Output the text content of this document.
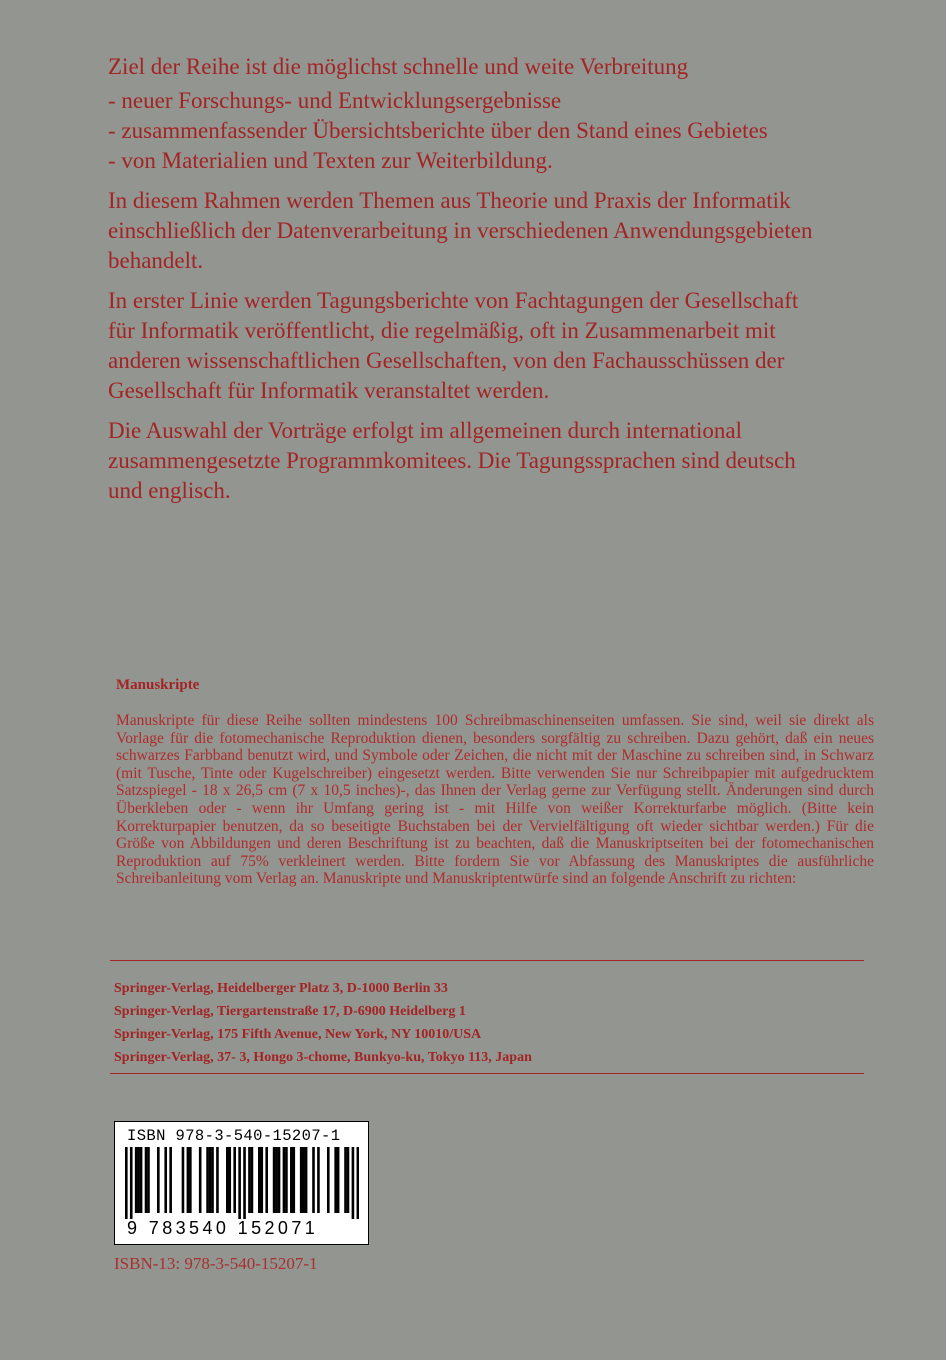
Ziel der Reihe ist die möglichst schnelle und weite Verbreitung

- neuer Forschungs- und Entwicklungsergebnisse
- zusammenfassender Übersichtsberichte über den Stand eines Gebietes
- von Materialien und Texten zur Weiterbildung.

In diesem Rahmen werden Themen aus Theorie und Praxis der Informatik einschließlich der Datenverarbeitung in verschiedenen Anwendungsgebieten behandelt.

In erster Linie werden Tagungsberichte von Fachtagungen der Gesellschaft für Informatik veröffentlicht, die regelmäßig, oft in Zusammenarbeit mit anderen wissenschaftlichen Gesellschaften, von den Fachausschüssen der Gesellschaft für Informatik veranstaltet werden.

Die Auswahl der Vorträge erfolgt im allgemeinen durch international zusammengesetzte Programmkomitees. Die Tagungssprachen sind deutsch und englisch.

Manuskripte

Manuskripte für diese Reihe sollten mindestens 100 Schreibmaschinenseiten umfassen. Sie sind, weil sie direkt als Vorlage für die fotomechanische Reproduktion dienen, besonders sorgfältig zu schreiben. Dazu gehört, daß ein neues schwarzes Farbband benutzt wird, und Symbole oder Zeichen, die nicht mit der Maschine zu schreiben sind, in Schwarz (mit Tusche, Tinte oder Kugelschreiber) eingesetzt werden. Bitte verwenden Sie nur Schreibpapier mit aufgedrucktem Satzspiegel - 18 x 26,5 cm (7 x 10,5 inches)-, das Ihnen der Verlag gerne zur Verfügung stellt. Änderungen sind durch Überkleben oder - wenn ihr Umfang gering ist - mit Hilfe von weißer Korrekturfarbe möglich. (Bitte kein Korrekturpapier benutzen, da so beseitigte Buchstaben bei der Vervielfältigung oft wieder sichtbar werden.) Für die Größe von Abbildungen und deren Beschriftung ist zu beachten, daß die Manuskriptseiten bei der fotomechanischen Reproduktion auf 75% verkleinert werden. Bitte fordern Sie vor Abfassung des Manuskriptes die ausführliche Schreibanleitung vom Verlag an. Manuskripte und Manuskriptentwürfe sind an folgende Anschrift zu richten:

Springer-Verlag, Heidelberger Platz 3, D-1000 Berlin 33
Springer-Verlag, Tiergartenstraße 17, D-6900 Heidelberg 1
Springer-Verlag, 175 Fifth Avenue, New York, NY 10010/USA
Springer-Verlag, 37- 3, Hongo 3-chome, Bunkyo-ku, Tokyo 113, Japan
ISBN 978-3-540-15207-1
9 783540 152071
ISBN-13: 978-3-540-15207-1
